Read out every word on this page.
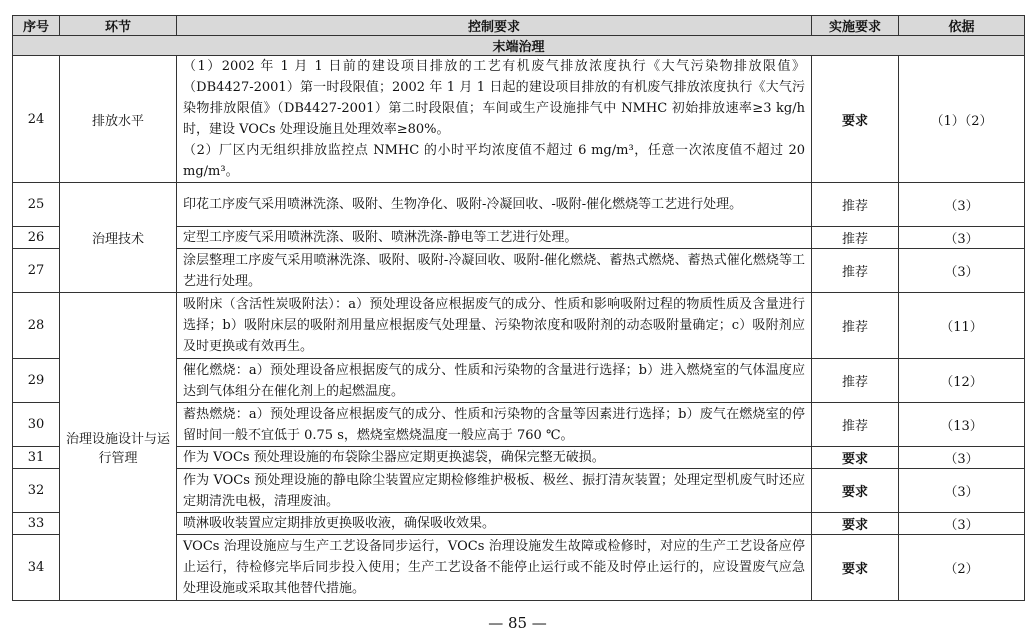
序号	环节	控制要求	实施要求	依据
末端治理				
24	排放水平	（1）2002 年 1 月 1 日前的建设项目排放的工艺有机废气排放浓度执行《大气污染物排放限值》（DB4427-2001）第一时段限值；2002 年 1 月 1 日起的建设项目排放的有机废气排放浓度执行《大气污染物排放限值》（DB4427-2001）第二时段限值；车间或生产设施排气中 NMHC 初始排放速率≥3 kg/h 时，建设 VOCs 处理设施且处理效率≥80%。

（2）厂区内无组织排放监控点 NMHC 的小时平均浓度值不超过 6 mg/m³，任意一次浓度值不超过 20 mg/m³。	要求	（1）（2）
25	治理技术	印花工序废气采用喷淋洗涤、吸附、生物净化、吸附-冷凝回收、-吸附-催化燃烧等工艺进行处理。	推荐	（3）
26		定型工序废气采用喷淋洗涤、吸附、喷淋洗涤-静电等工艺进行处理。	推荐	（3）
27		涂层整理工序废气采用喷淋洗涤、吸附、吸附-冷凝回收、吸附-催化燃烧、蓄热式燃烧、蓄热式催化燃烧等工艺进行处理。	推荐	（3）
28	治理设施设计与运行管理	吸附床（含活性炭吸附法）：a）预处理设备应根据废气的成分、性质和影响吸附过程的物质性质及含量进行选择；b）吸附床层的吸附剂用量应根据废气处理量、污染物浓度和吸附剂的动态吸附量确定；c）吸附剂应及时更换或有效再生。	推荐	（11）
29		催化燃烧：a）预处理设备应根据废气的成分、性质和污染物的含量进行选择；b）进入燃烧室的气体温度应达到气体组分在催化剂上的起燃温度。	推荐	（12）
30		蓄热燃烧：a）预处理设备应根据废气的成分、性质和污染物的含量等因素进行选择；b）废气在燃烧室的停留时间一般不宜低于 0.75 s，燃烧室燃烧温度一般应高于 760 ℃。	推荐	（13）
31		作为 VOCs 预处理设施的布袋除尘器应定期更换滤袋，确保完整无破损。	要求	（3）
32		作为 VOCs 预处理设施的静电除尘装置应定期检修维护极板、极丝、振打清灰装置；处理定型机废气时还应定期清洗电极，清理废油。	要求	（3）
33		喷淋吸收装置应定期排放更换吸收液，确保吸收效果。	要求	（3）
34		VOCs 治理设施应与生产工艺设备同步运行，VOCs 治理设施发生故障或检修时，对应的生产工艺设备应停止运行，待检修完毕后同步投入使用；生产工艺设备不能停止运行或不能及时停止运行的，应设置废气应急处理设施或采取其他替代措施。	要求	（2）
— 85 —
